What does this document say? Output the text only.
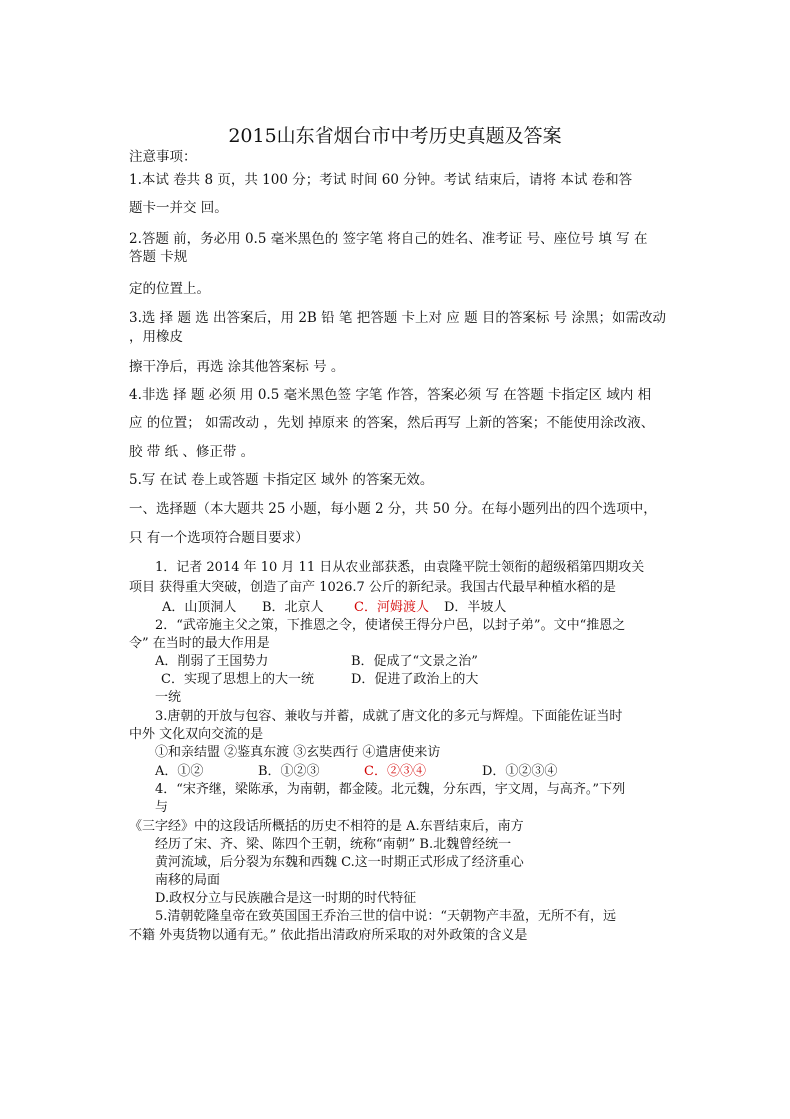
2015山东省烟台市中考历史真题及答案
注意事项：
1.本试 卷共 8 页，共 100 分；考试 时间 60 分钟。考试 结束后，请将 本试 卷和答
题卡一并交 回。
2.答题 前，务必用 0.5 毫米黑色的 签字笔 将自己的姓名、准考证 号、座位号 填 写 在
答题 卡规
定的位置上。
3.选 择 题 选 出答案后，用 2B 铅 笔 把答题 卡上对 应 题 目的答案标 号 涂黑；如需改动
，用橡皮
擦干净后，再选 涂其他答案标 号 。
4.非选 择 题 必须 用 0.5 毫米黑色签 字笔 作答，答案必须 写 在答题 卡指定区 域内 相
应 的位置； 如需改动 ，先划 掉原来 的答案，然后再写 上新的答案；不能使用涂改液、
胶 带 纸 、修正带 。
5.写 在试 卷上或答题 卡指定区 域外 的答案无效。
一、选择题（本大题共 25 小题，每小题 2 分，共 50 分。在每小题列出的四个选项中，
只 有一个选项符合题目要求）
1．记者 2014 年 10 月 11 日从农业部获悉，由袁隆平院士领衔的超级稻第四期攻关
项目 获得重大突破，创造了亩产 1026.7 公斤的新纪录。我国古代最早种植水稻的是
A．山顶洞人 B．北京人 C．河姆渡人 D．半坡人
2．“武帝施主父之策，下推恩之令，使诸侯王得分户邑，以封子弟”。文中“推恩之
令” 在当时的最大作用是
A．削弱了王国势力	B．促成了“文景之治”
C．实现了思想上的大一统	D．促进了政治上的大
一统
3.唐朝的开放与包容、兼收与并蓄，成就了唐文化的多元与辉煌。下面能佐证当时
中外 文化双向交流的是
①和亲结盟 ②鉴真东渡 ③玄奘西行 ④遣唐使来访
A．①②	B．①②③	C．②③④	D．①②③④
4．“宋齐继，梁陈承，为南朝，都金陵。北元魏，分东西，宇文周，与高齐。”下列
与
《三字经》中的这段话所概括的历史不相符的是 A.东晋结束后，南方
经历了宋、齐、梁、陈四个王朝，统称“南朝” B.北魏曾经统一
黄河流域，后分裂为东魏和西魏 C.这一时期正式形成了经济重心
南移的局面
D.政权分立与民族融合是这一时期的时代特征
5.清朝乾隆皇帝在致英国国王乔治三世的信中说：“天朝物产丰盈，无所不有，远
不籍 外夷货物以通有无。” 依此指出清政府所采取的对外政策的含义是
